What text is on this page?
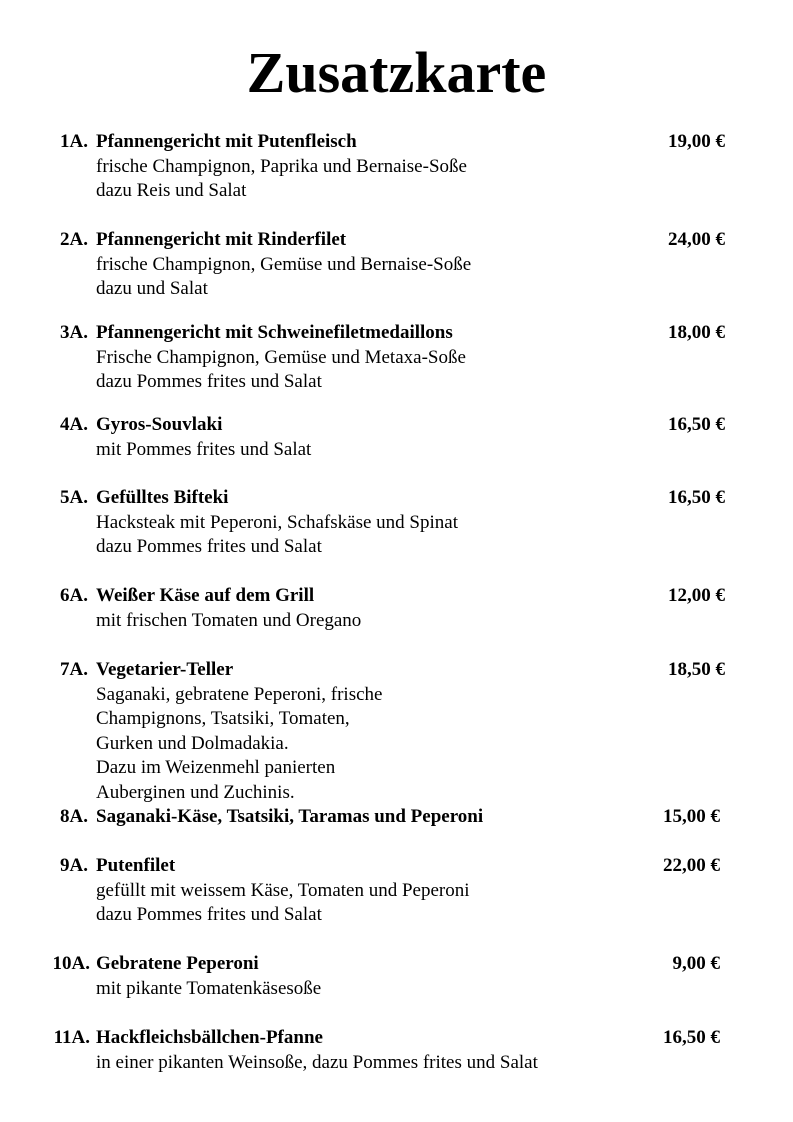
Zusatzkarte
1A. Pfannengericht mit Putenfleisch	19,00 €
frische Champignon, Paprika und Bernaise-Soße
dazu Reis und Salat
2A. Pfannengericht mit Rinderfilet	24,00 €
frische Champignon, Gemüse und Bernaise-Soße
dazu und Salat
3A. Pfannengericht mit Schweinefiletmedaillons	18,00 €
Frische Champignon, Gemüse und Metaxa-Soße
dazu Pommes frites und Salat
4A. Gyros-Souvlaki	16,50 €
mit Pommes frites und Salat
5A. Gefülltes Bifteki	16,50 €
Hacksteak mit Peperoni, Schafskäse und Spinat
dazu Pommes frites und Salat
6A. Weißer Käse auf dem Grill	12,00 €
mit frischen Tomaten und Oregano
7A. Vegetarier-Teller	18,50 €
Saganaki, gebratene Peperoni, frische
Champignons, Tsatsiki, Tomaten,
Gurken und Dolmadakia.
Dazu im Weizenmehl panierten
Auberginen und Zuchinis.
8A. Saganaki-Käse, Tsatsiki, Taramas und Peperoni	15,00 €
9A. Putenfilet	22,00 €
gefüllt mit weissem Käse, Tomaten und Peperoni
dazu Pommes frites und Salat
10A. Gebratene Peperoni	9,00 €
mit pikante Tomatenkäsesoße
11A. Hackfleichsbällchen-Pfanne	16,50 €
in einer pikanten Weinsoße, dazu Pommes frites und Salat
